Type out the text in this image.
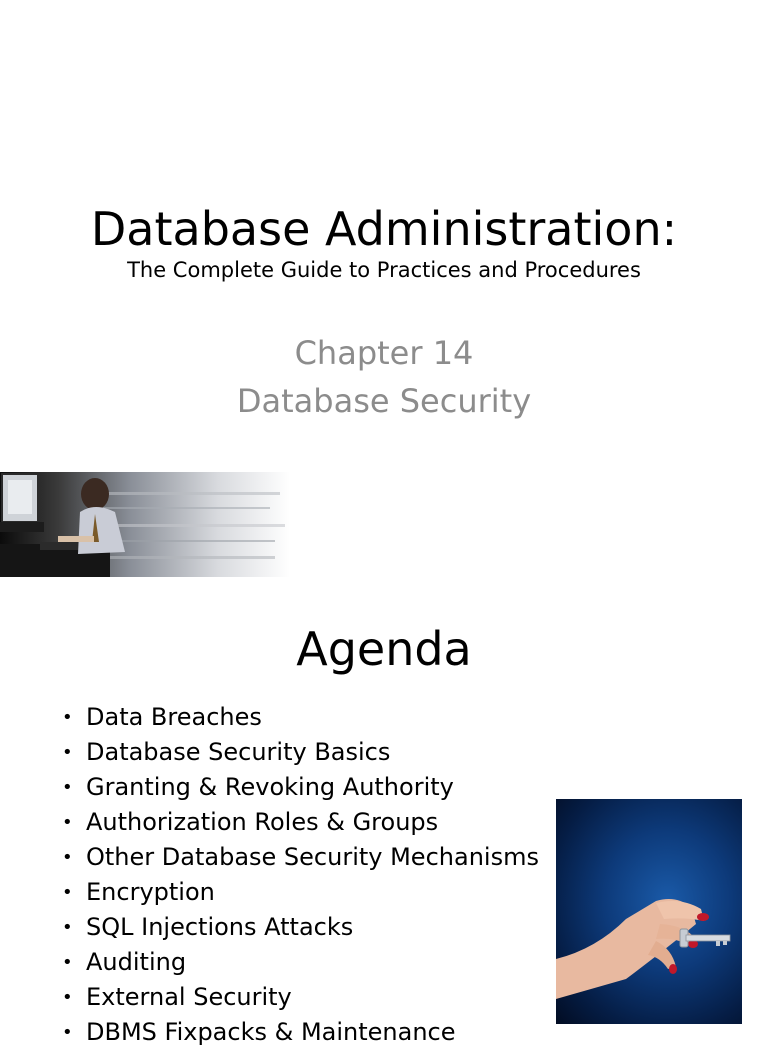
Database Administration:
The Complete Guide to Practices and Procedures
Chapter 14
Database Security
Agenda
• Data Breaches
• Database Security Basics
• Granting & Revoking Authority
• Authorization Roles & Groups
• Other Database Security Mechanisms
• Encryption
• SQL Injections Attacks
• Auditing
• External Security
• DBMS Fixpacks & Maintenance
